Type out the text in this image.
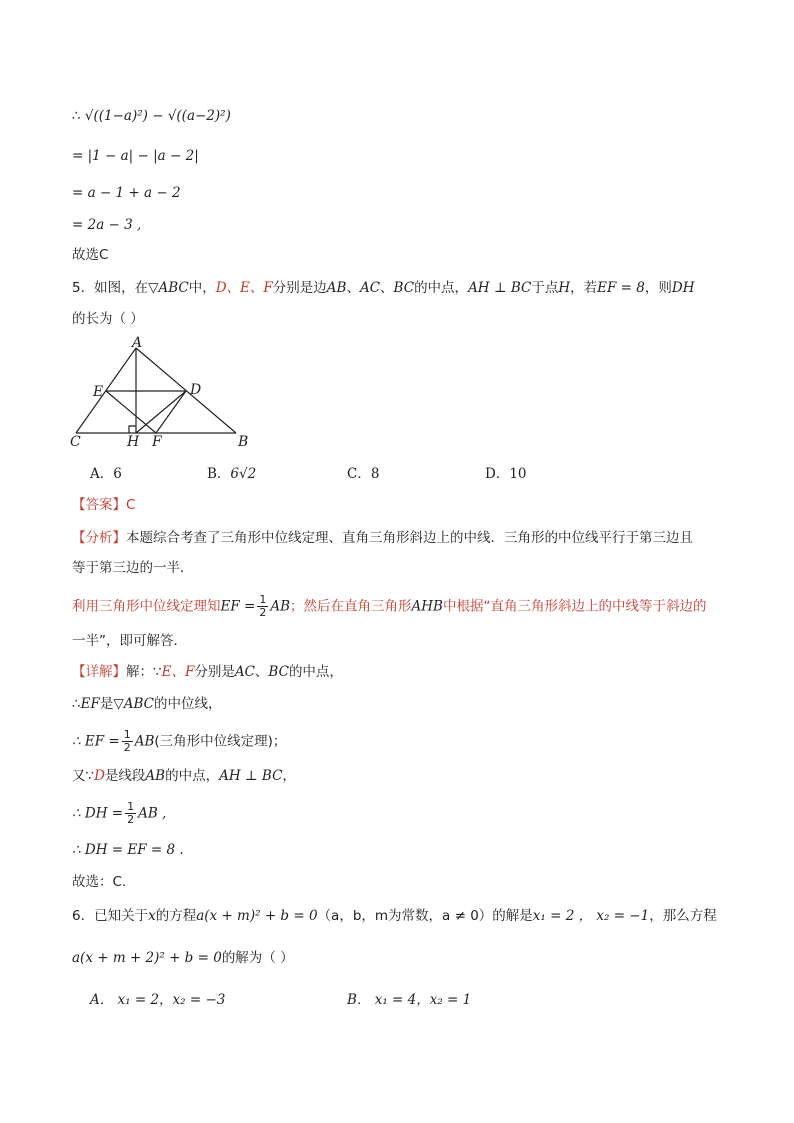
∴ √((1−a)²) − √((a−2)²)
= |1 − a| − |a − 2|
= a − 1 + a − 2
= 2a − 3 ,
故选C
5．如图，在▽ABC中，D、E、F分别是边AB、AC、BC的中点，AH ⊥ BC于点H，若EF = 8，则DH
的长为（ ）
A
B
C
D
E
F
H
A．6	B．6√2	C．8	D．10
【答案】C
【分析】本题综合考查了三角形中位线定理、直角三角形斜边上的中线．三角形的中位线平行于第三边且
等于第三边的一半．
利用三角形中位线定理知EF = $\frac{1}{2}$ AB；然后在直角三角形AHB中根据“直角三角形斜边上的中线等于斜边的
一半”，即可解答．
【详解】解：∵E、F分别是AC、BC的中点，
∴EF是▽ABC的中位线，
∴ EF = $\frac{1}{2} AB$(三角形中位线定理)；
又∵D是线段AB的中点，AH ⊥ BC，
∴ DH = $\frac{1}{2}$ AB ,
∴ DH = EF = 8 .
故选：C．
6．已知关于x的方程a(x + m)² + b = 0（a，b，m为常数，a ≠ 0）的解是x₁ = 2 ， x₂ = −1，那么方程
a(x + m + 2)² + b = 0的解为（ ）
A． x₁ = 2，x₂ = −3	B． x₁ = 4，x₂ = 1
